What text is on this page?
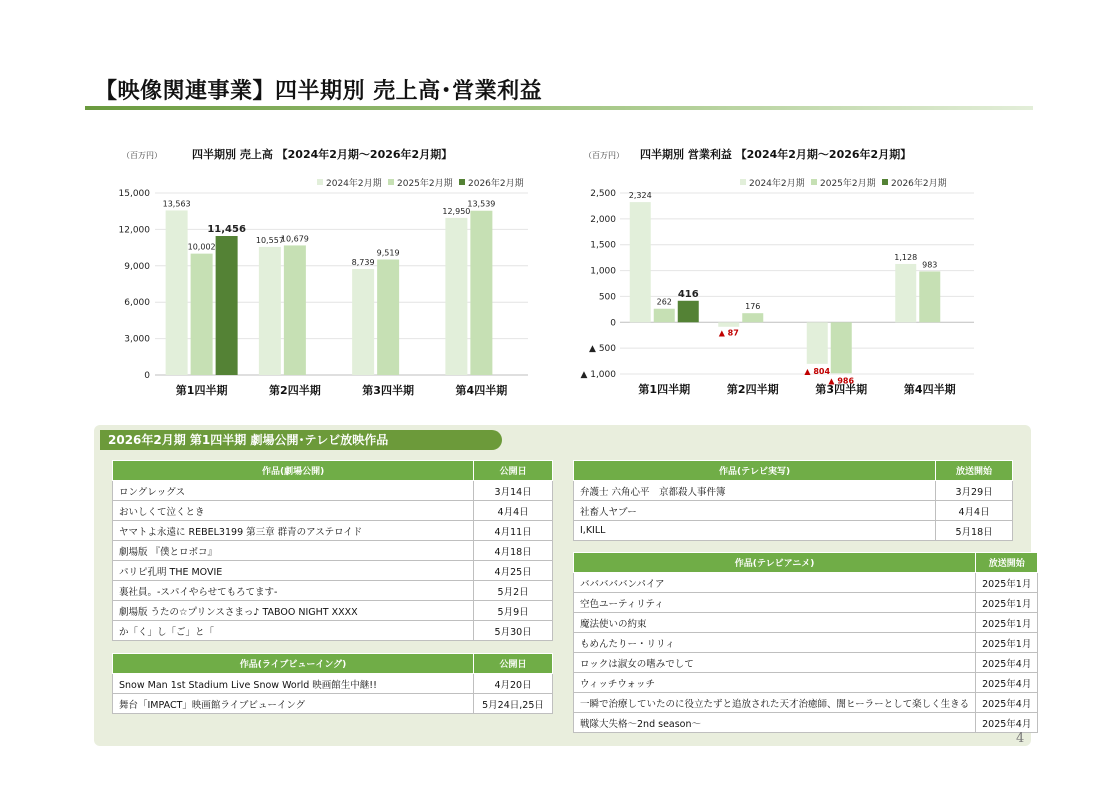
【映像関連事業】四半期別 売上高･営業利益
（百万円）	四半期別 売上高 【2024年2月期～2026年2月期】
2024年2月期 2025年2月期 2026年2月期
15,000
12,000
9,000
6,000
3,000
0
13,563
10,002
11,456
第1四半期
10,557
10,679
第2四半期
8,739
9,519
第3四半期
12,950
13,539
第4四半期
（百万円） 四半期別 営業利益 【2024年2月期～2026年2月期】
2024年2月期 2025年2月期 2026年2月期
2,500
2,000
1,500
1,000
500
0
▲ 500
▲ 1,000
2,324
262
416
第1四半期
▲ 87
176
第2四半期
▲ 804
▲ 986
第3四半期
1,128
983
第4四半期
2026年2月期 第1四半期 劇場公開･テレビ放映作品
作品(劇場公開)	公開日
ロングレッグス	3月14日
おいしくて泣くとき	4月4日
ヤマトよ永遠に REBEL3199 第三章 群青のアステロイド	4月11日
劇場版 『僕とロボコ』	4月18日
パリピ孔明 THE MOVIE	4月25日
裏社員。-スパイやらせてもろてます-	5月2日
劇場版 うたの☆プリンスさまっ♪ TABOO NIGHT XXXX	5月9日
か「く」し「ご」と「	5月30日
作品(ライブビューイング)	公開日
Snow Man 1st Stadium Live Snow World 映画館生中継!!	4月20日
舞台「IMPACT」映画館ライブビューイング	5月24日,25日
作品(テレビ実写)	放送開始
弁護士 六角心平　京都殺人事件簿	3月29日
社畜人ヤブー	4月4日
I,KILL	5月18日
作品(テレビアニメ)	放送開始
バババババンパイア	2025年1月
空色ユーティリティ	2025年1月
魔法使いの約束	2025年1月
もめんたりー・リリィ	2025年1月
ロックは淑女の嗜みでして	2025年4月
ウィッチウォッチ	2025年4月
一瞬で治療していたのに役立たずと追放された天才治癒師、闇ヒーラーとして楽しく生きる	2025年4月
戦隊大失格～2nd season～	2025年4月
4
